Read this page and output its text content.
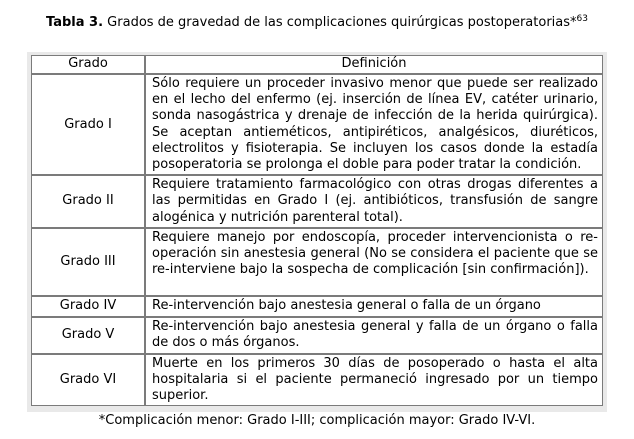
Tabla 3. Grados de gravedad de las complicaciones quirúrgicas postoperatorias*$^{63}$
Grado	Definición
Grado I	Sólo requiere un proceder invasivo menor que puede ser realizado en el lecho del enfermo (ej. inserción de línea EV, catéter urinario, sonda nasogástrica y drenaje de infección de la herida quirúrgica). Se aceptan antieméticos, antipiréticos, analgésicos, diuréticos, electrolitos y fisioterapia. Se incluyen los casos donde la estadía posoperatoria se prolonga el doble para poder tratar la condición.
Grado II	Requiere tratamiento farmacológico con otras drogas diferentes a las permitidas en Grado I (ej. antibióticos, transfusión de sangre alogénica y nutrición parenteral total).
Grado III	Requiere manejo por endoscopía, proceder intervencionista o re-operación sin anestesia general (No se considera el paciente que se re-interviene bajo la sospecha de complicación [sin confirmación]).
Grado IV	Re-intervención bajo anestesia general o falla de un órgano
Grado V	Re-intervención bajo anestesia general y falla de un órgano o falla de dos o más órganos.
Grado VI	Muerte en los primeros 30 días de posoperado o hasta el alta hospitalaria si el paciente permaneció ingresado por un tiempo superior.
*Complicación menor: Grado I-III; complicación mayor: Grado IV-VI.
